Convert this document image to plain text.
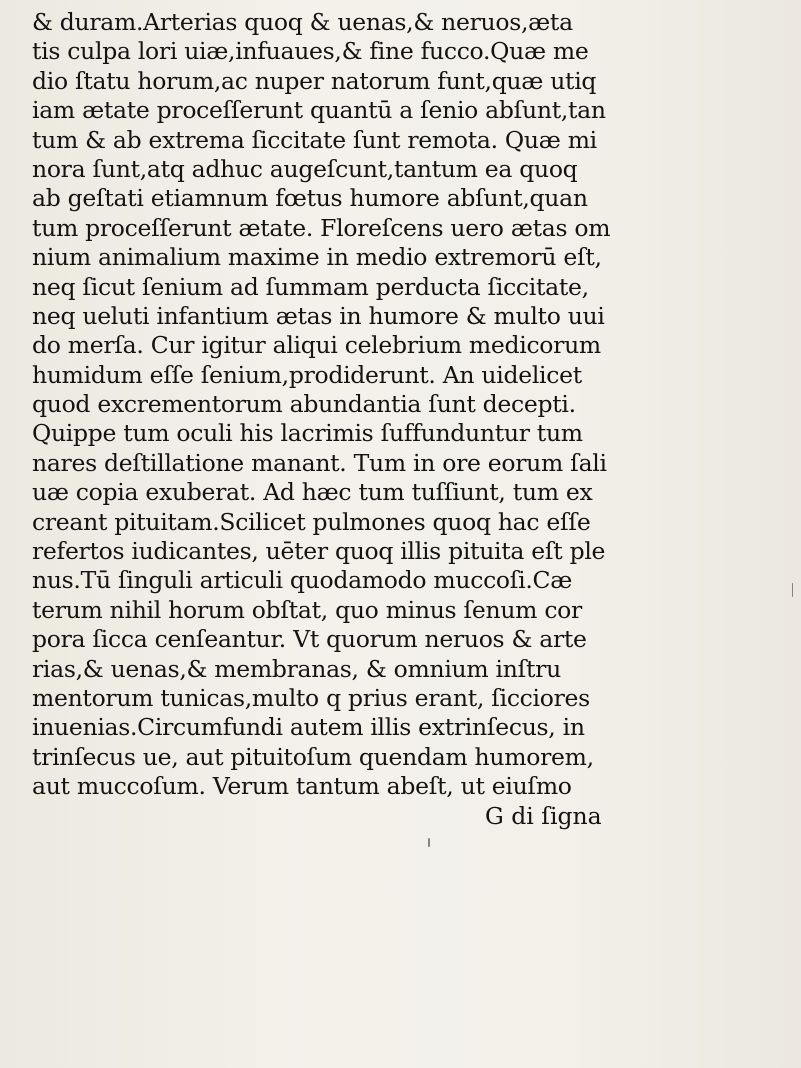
& duram.Arterias quoq & uenas,& neruos,æta
tis culpa lori uiæ,infuaues,& fine fucco.Quæ me
dio ſtatu horum,ac nuper natorum funt,quæ utiq
iam ætate proceſſerunt quantū a ſenio abſunt,tan
tum & ab extrema ſiccitate ſunt remota. Quæ mi
nora ſunt,atq adhuc augeſcunt,tantum ea quoq
ab geſtati etiamnum fœtus humore abſunt,quan
tum proceſſerunt ætate. Floreſcens uero ætas om
nium animalium maxime in medio extremorū eſt,
neq ſicut ſenium ad ſummam perducta ſiccitate,
neq ueluti infantium ætas in humore & multo uui
do merſa. Cur igitur aliqui celebrium medicorum
humidum eſſe ſenium,prodiderunt. An uidelicet
quod excrementorum abundantia ſunt decepti.
Quippe tum oculi his lacrimis ſuffunduntur tum
nares deſtillatione manant. Tum in ore eorum ſali
uæ copia exuberat. Ad hæc tum tuſſiunt, tum ex
creant pituitam.Scilicet pulmones quoq hac eſſe
refertos iudicantes, uēter quoq illis pituita eſt ple
nus.Tū ſinguli articuli quodamodo muccoſi.Cæ
terum nihil horum obſtat, quo minus ſenum cor
pora ſicca cenſeantur. Vt quorum neruos & arte
rias,& uenas,& membranas, & omnium inſtru
mentorum tunicas,multo q prius erant, ſicciores
inuenias.Circumfundi autem illis extrinſecus, in
trinſecus ue, aut pituitoſum quendam humorem,
aut muccoſum. Verum tantum abeſt, ut eiuſmo
G di ſigna
